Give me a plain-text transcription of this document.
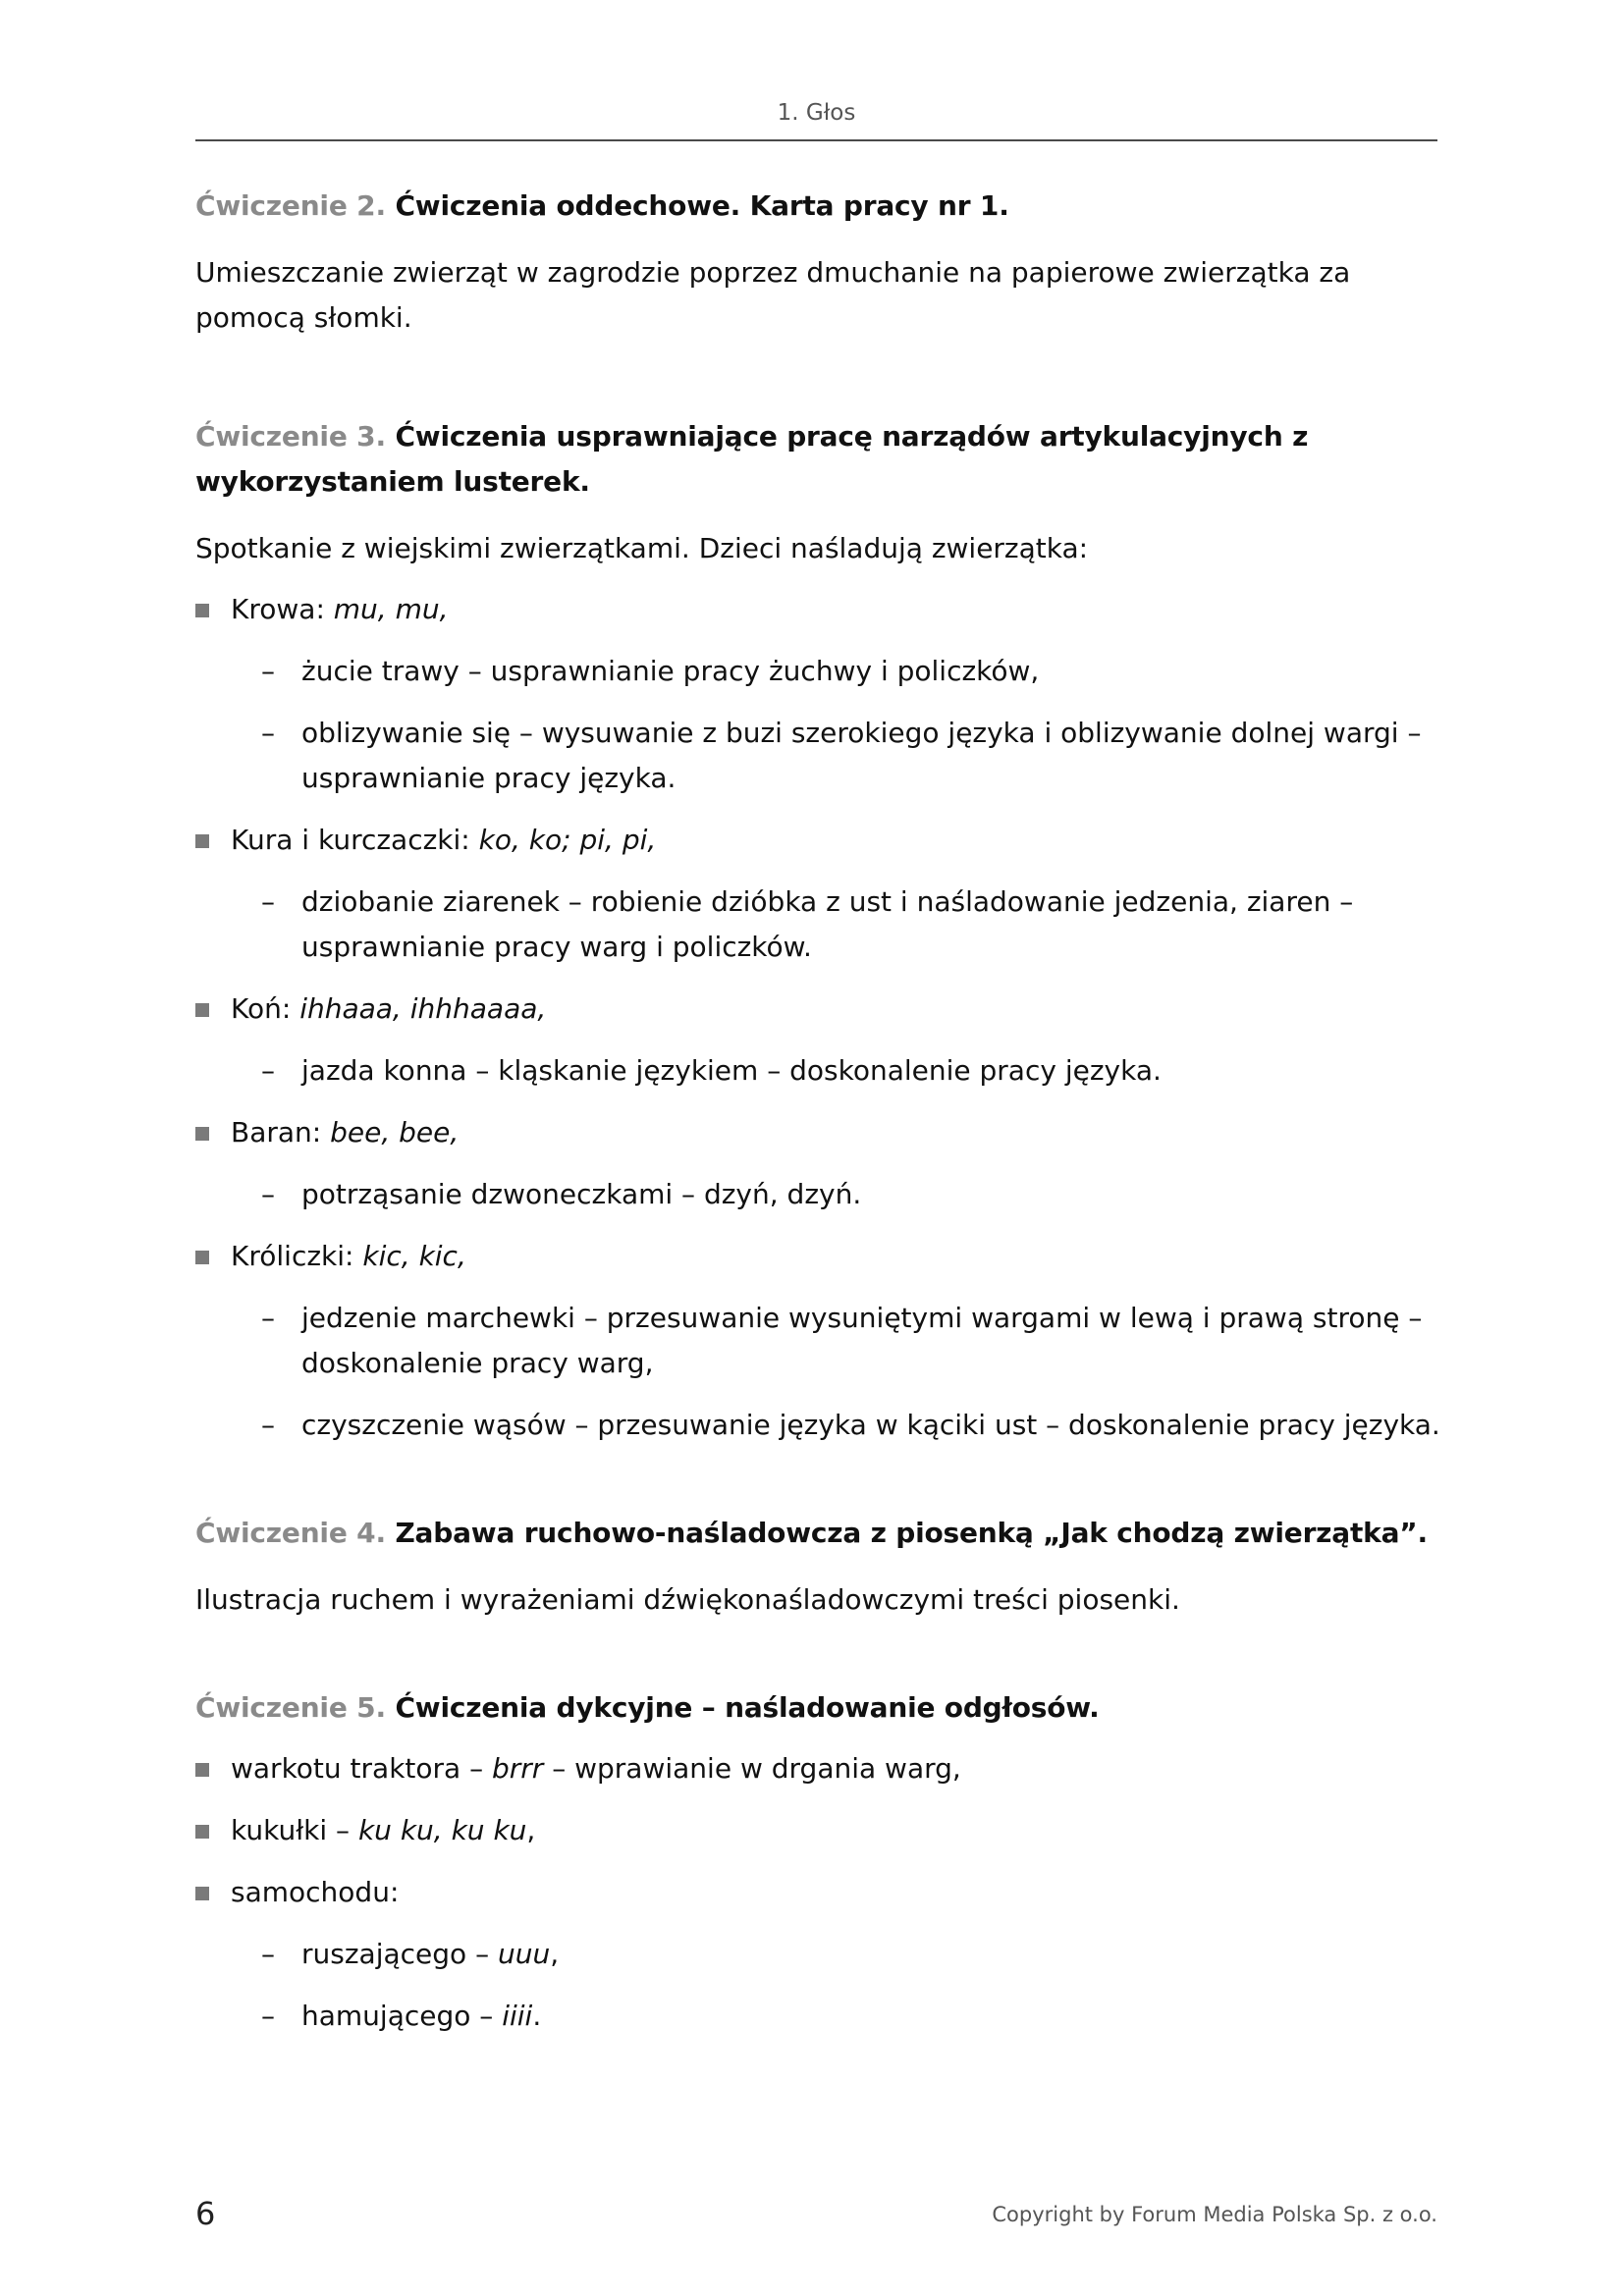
1. Głos
Ćwiczenie 2. Ćwiczenia oddechowe. Karta pracy nr 1.

Umieszczanie zwierząt w zagrodzie poprzez dmuchanie na papierowe zwierzątka za pomocą słomki.

Ćwiczenie 3. Ćwiczenia usprawniające pracę narządów artykulacyjnych z wykorzystaniem lusterek.

Spotkanie z wiejskimi zwierzątkami. Dzieci naśladują zwierzątka:

Krowa: mu, mu,
– żucie trawy – usprawnianie pracy żuchwy i policzków,
– oblizywanie się – wysuwanie z buzi szerokiego języka i oblizywanie dolnej wargi – usprawnianie pracy języka.
Kura i kurczaczki: ko, ko; pi, pi,
– dziobanie ziarenek – robienie dzióbka z ust i naśladowanie jedzenia, ziaren – usprawnianie pracy warg i policzków.
Koń: ihhaaa, ihhhaaaa,
– jazda konna – kląskanie językiem – doskonalenie pracy języka.
Baran: bee, bee,
– potrząsanie dzwoneczkami – dzyń, dzyń.
Króliczki: kic, kic,
– jedzenie marchewki – przesuwanie wysuniętymi wargami w lewą i prawą stronę – doskonalenie pracy warg,
– czyszczenie wąsów – przesuwanie języka w kąciki ust – doskonalenie pracy języka.
Ćwiczenie 4. Zabawa ruchowo-naśladowcza z piosenką „Jak chodzą zwierzątka”.

Ilustracja ruchem i wyrażeniami dźwiękonaśladowczymi treści piosenki.

Ćwiczenie 5. Ćwiczenia dykcyjne – naśladowanie odgłosów.
warkotu traktora – brrr – wprawianie w drgania warg,
kukułki – ku ku, ku ku,
samochodu:
– ruszającego – uuu,
– hamującego – iiii.
6	Copyright by Forum Media Polska Sp. z o.o.
